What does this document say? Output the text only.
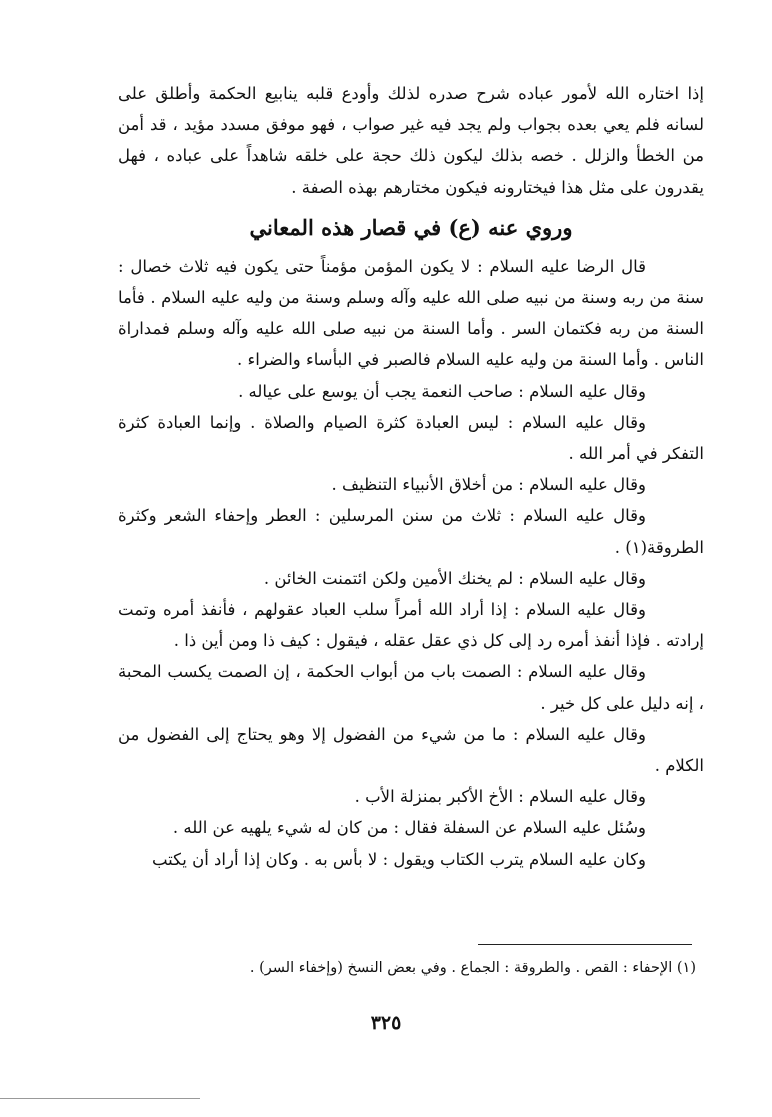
إذا اختاره الله لأمور عباده شرح صدره لذلك وأودع قلبه ينابيع الحكمة وأطلق على لسانه فلم يعي بعده بجواب ولم يجد فيه غير صواب ، فهو موفق مسدد مؤيد ، قد أمن من الخطأ والزلل . خصه بذلك ليكون ذلك حجة على خلقه شاهداً على عباده ، فهل يقدرون على مثل هذا فيختارونه فيكون مختارهم بهذه الصفة .

وروي عنه (ع) في قصار هذه المعاني

قال الرضا عليه السلام : لا يكون المؤمن مؤمناً حتى يكون فيه ثلاث خصال : سنة من ربه وسنة من نبيه صلى الله عليه وآله وسلم وسنة من وليه عليه السلام . فأما السنة من ربه فكتمان السر . وأما السنة من نبيه صلى الله عليه وآله وسلم فمداراة الناس . وأما السنة من وليه عليه السلام فالصبر في البأساء والضراء .

وقال عليه السلام : صاحب النعمة يجب أن يوسع على عياله .

وقال عليه السلام : ليس العبادة كثرة الصيام والصلاة . وإنما العبادة كثرة التفكر في أمر الله .

وقال عليه السلام : من أخلاق الأنبياء التنظيف .

وقال عليه السلام : ثلاث من سنن المرسلين : العطر وإحفاء الشعر وكثرة الطروقة(١) .

وقال عليه السلام : لم يخنك الأمين ولكن ائتمنت الخائن .

وقال عليه السلام : إذا أراد الله أمراً سلب العباد عقولهم ، فأنفذ أمره وتمت إرادته . فإذا أنفذ أمره رد إلى كل ذي عقل عقله ، فيقول : كيف ذا ومن أين ذا .

وقال عليه السلام : الصمت باب من أبواب الحكمة ، إن الصمت يكسب المحبة ، إنه دليل على كل خير .

وقال عليه السلام : ما من شيء من الفضول إلا وهو يحتاج إلى الفضول من الكلام .

وقال عليه السلام : الأخ الأكبر بمنزلة الأب .

وسُئل عليه السلام عن السفلة فقال : من كان له شيء يلهيه عن الله .

وكان عليه السلام يترب الكتاب ويقول : لا بأس به . وكان إذا أراد أن يكتب

(١) الإحفاء : القص . والطروقة : الجماع . وفي بعض النسخ (وإخفاء السر) .
٣٢٥
